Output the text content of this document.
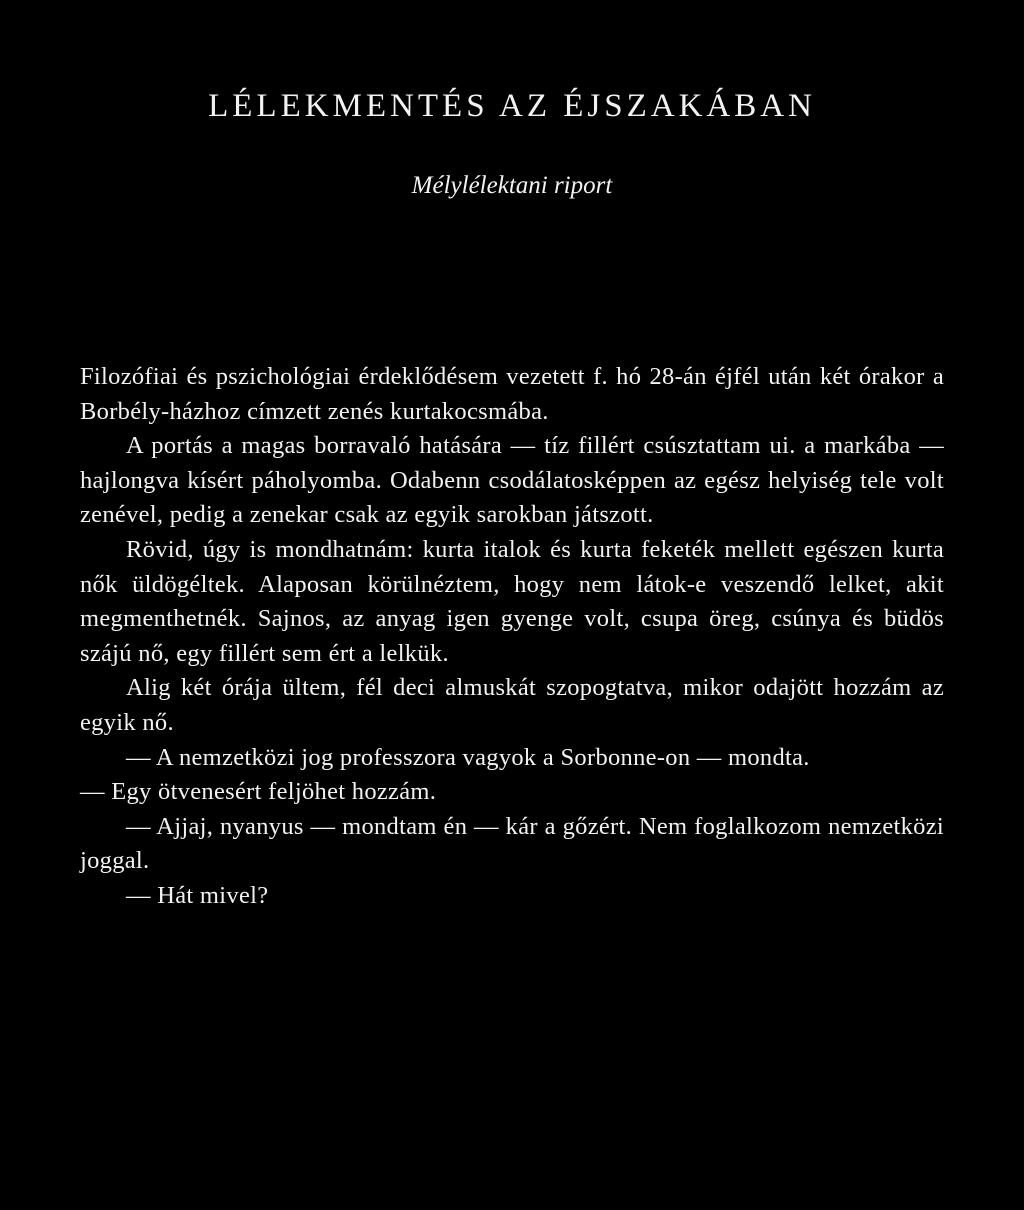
LÉLEKMENTÉS AZ ÉJSZAKÁBAN
Mélylélektani riport

Filozófiai és pszichológiai érdeklődésem vezetett f. hó 28-án éjfél után két órakor a Borbély-házhoz címzett zenés kurtakocsmába.

A portás a magas borravaló hatására — tíz fillért csúsztattam ui. a markába — hajlongva kísért páholyomba. Odabenn csodálatosképpen az egész helyiség tele volt zenével, pedig a zenekar csak az egyik sarokban játszott.

Rövid, úgy is mondhatnám: kurta italok és kurta feketék mellett egészen kurta nők üldögéltek. Alaposan körülnéztem, hogy nem látok-e veszendő lelket, akit megmenthetnék. Sajnos, az anyag igen gyenge volt, csupa öreg, csúnya és büdös szájú nő, egy fillért sem ért a lelkük.

Alig két órája ültem, fél deci almuskát szopogtatva, mikor odajött hozzám az egyik nő.

— A nemzetközi jog professzora vagyok a Sorbonne-on — mondta.

— Egy ötvenesért feljöhet hozzám.

— Ajjaj, nyanyus — mondtam én — kár a gőzért. Nem foglalkozom nemzetközi joggal.

— Hát mivel?
